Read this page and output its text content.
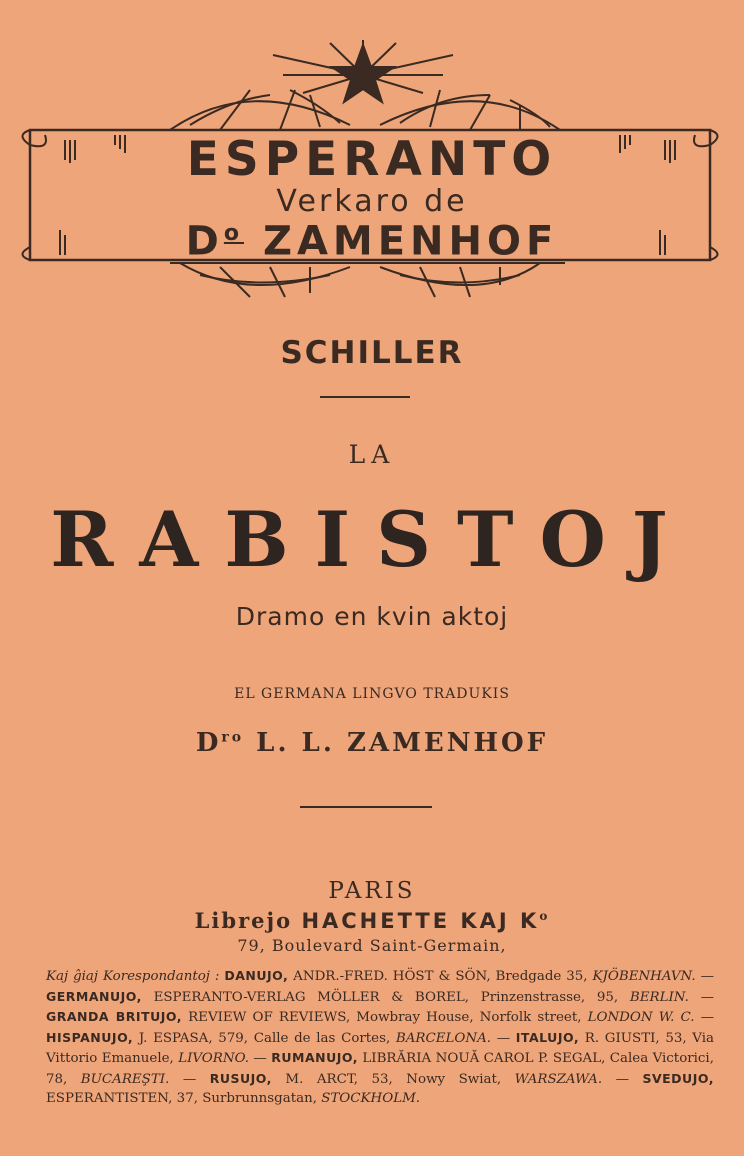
ESPERANTO
Verkaro de
$D^o$ ZAMENHOF
SCHILLER
LA
RABISTOJ
Dramo en kvin aktoj
EL GERMANA LINGVO TRADUKIS
$D^{ro}$ L. L. ZAMENHOF
PARIS
Librejo HACHETTE KAJ $K^o$
79, Boulevard Saint-Germain,
Kaj ĝiaj Korespondantoj : DANUJO, ANDR.-FRED. HÖST & SÖN, Bredgade 35, KJÖBENHAVN. — GERMANUJO, ESPERANTO-VERLAG MÖLLER & BOREL, Prinzenstrasse, 95, BERLIN. — GRANDA BRITUJO, REVIEW OF REVIEWS, Mowbray House, Norfolk street, LONDON W. C. — HISPANUJO, J. ESPASA, 579, Calle de las Cortes, BARCELONA. — ITALUJO, R. GIUSTI, 53, Via Vittorio Emanuele, LIVORNO. — RUMANUJO, LIBRĂRIA NOUĂ CAROL P. SEGAL, Calea Victorici, 78, BUCAREŞTI. — RUSUJO, M. ARCT, 53, Nowy Swiat, WARSZAWA. — SVEDUJO, ESPERANTISTEN, 37, Surbrunnsgatan, STOCKHOLM.
